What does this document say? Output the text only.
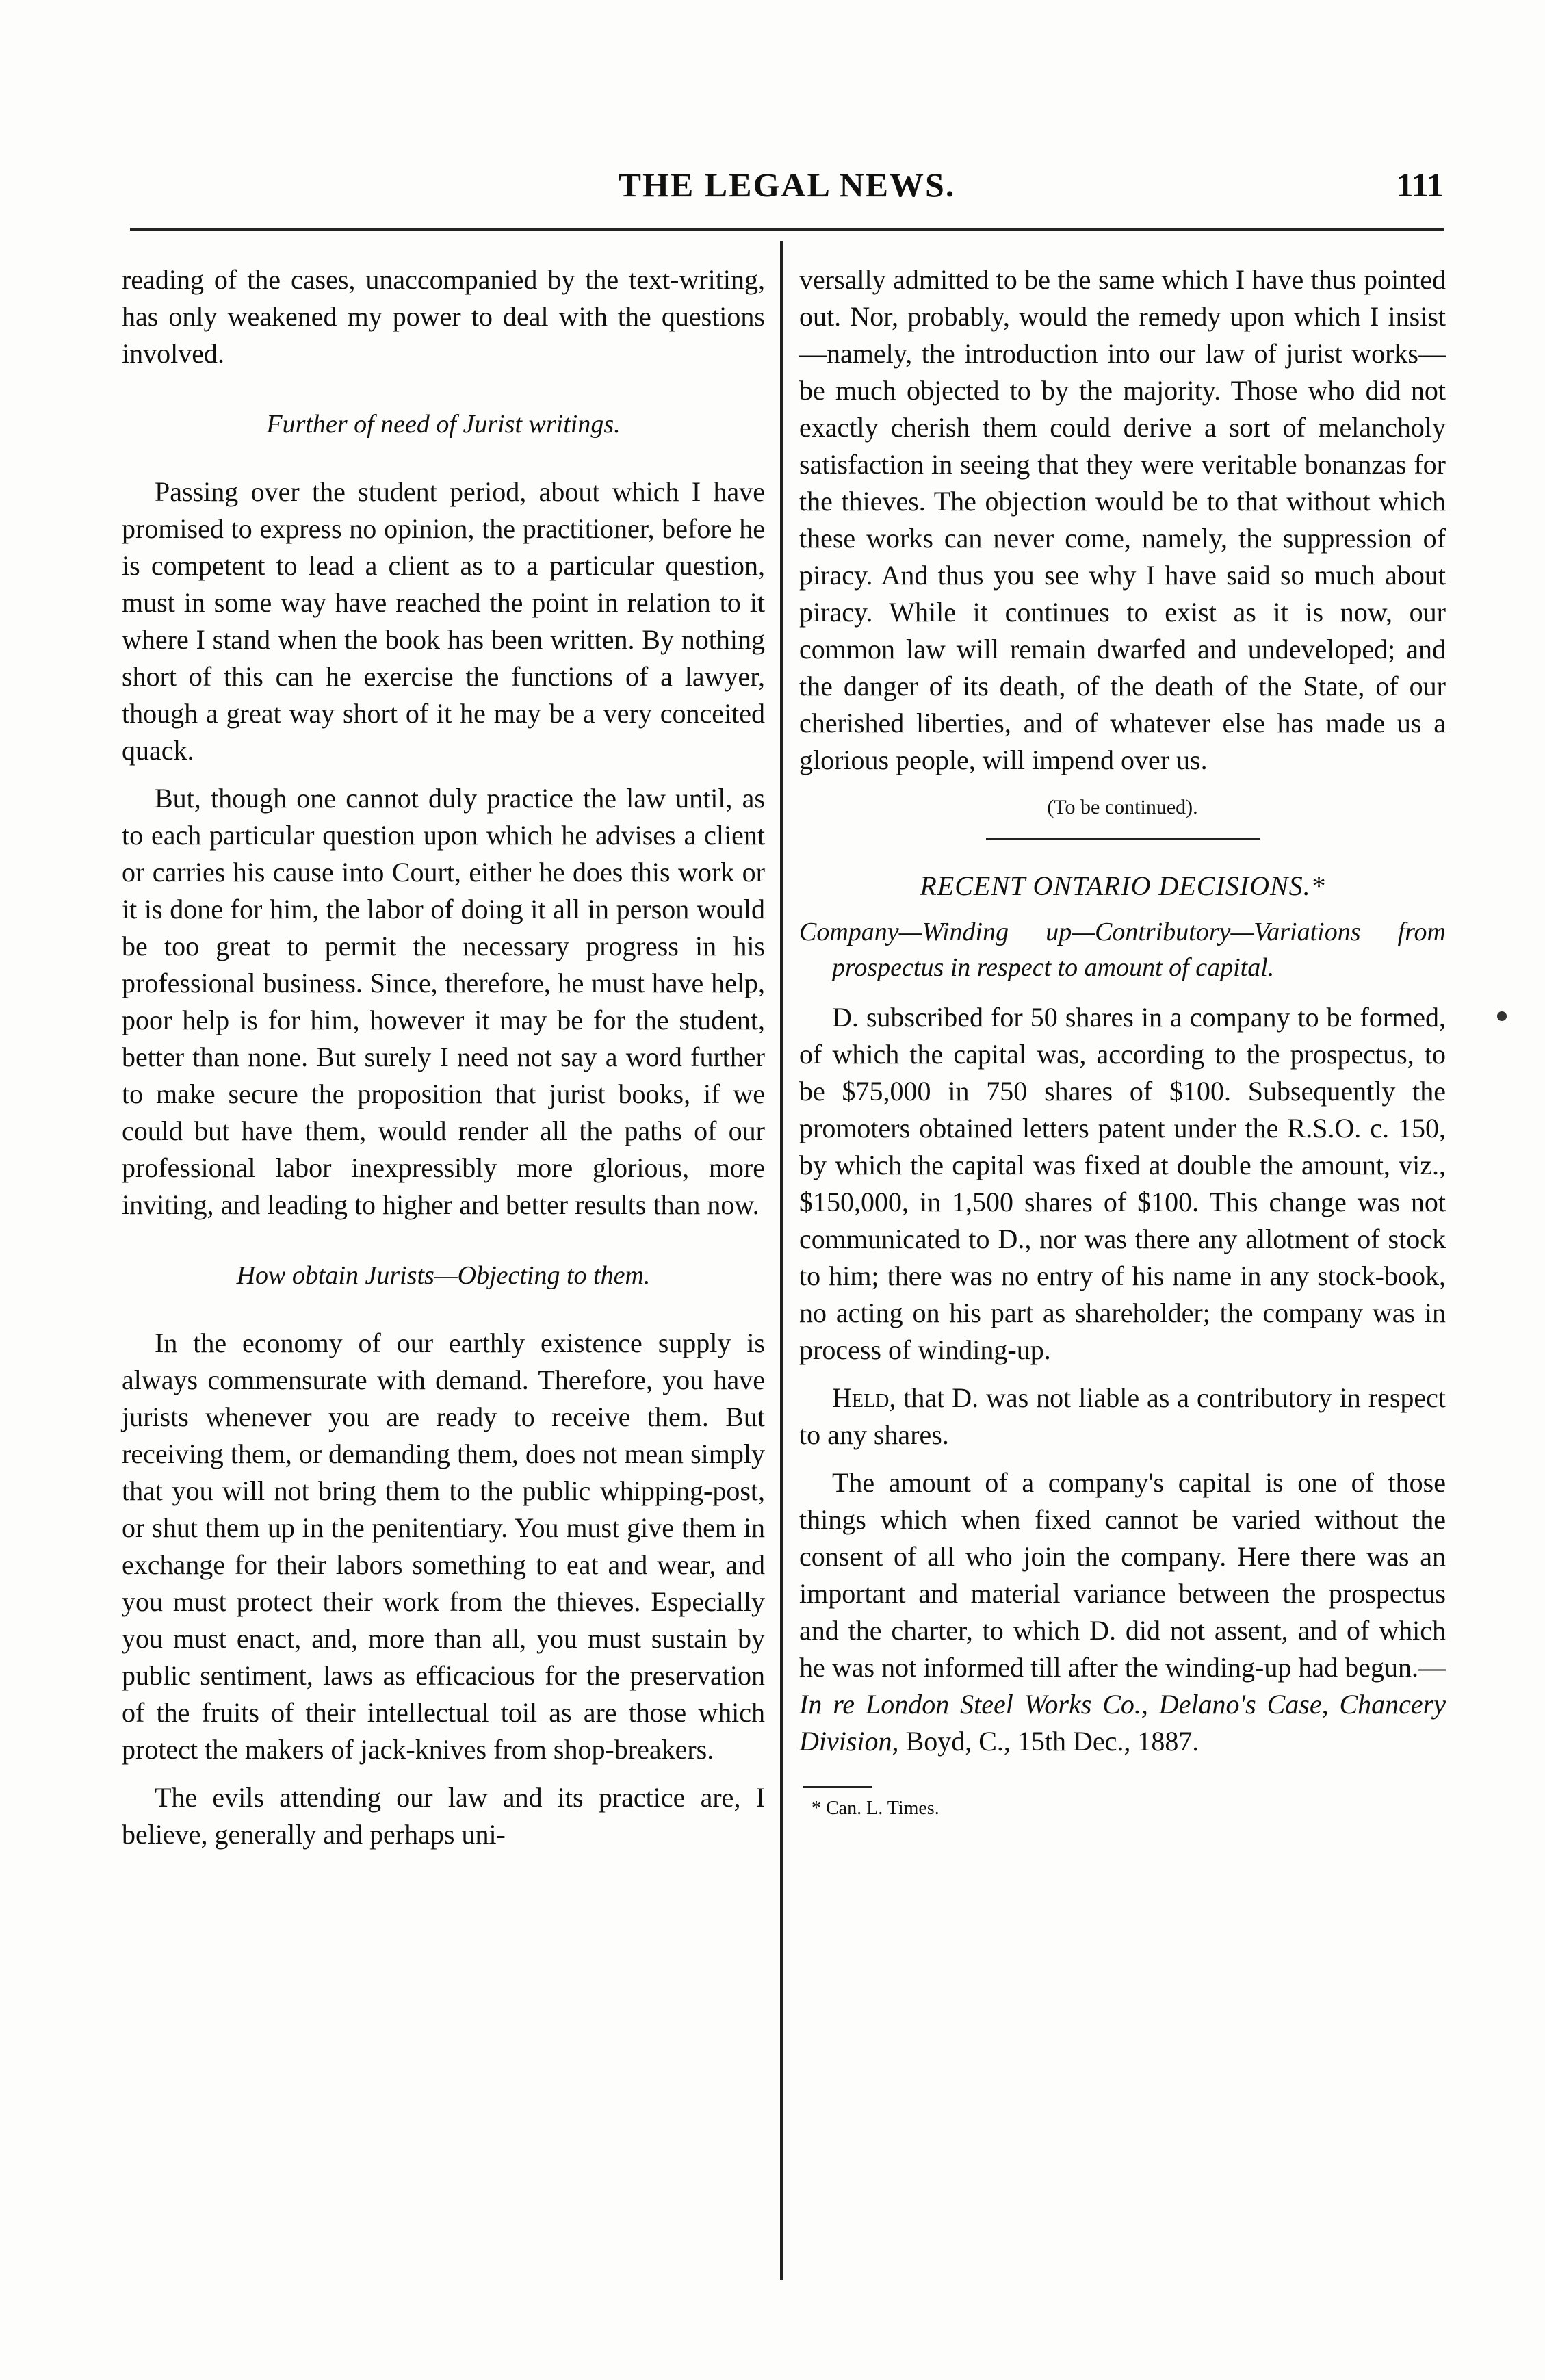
THE LEGAL NEWS.	111

reading of the cases, unaccompanied by the text-writing, has only weakened my power to deal with the questions involved.

Further of need of Jurist writings.

Passing over the student period, about which I have promised to express no opinion, the practitioner, before he is competent to lead a client as to a particular question, must in some way have reached the point in relation to it where I stand when the book has been written. By nothing short of this can he exercise the functions of a lawyer, though a great way short of it he may be a very conceited quack.

But, though one cannot duly practice the law until, as to each particular question upon which he advises a client or carries his cause into Court, either he does this work or it is done for him, the labor of doing it all in person would be too great to permit the necessary progress in his professional business. Since, therefore, he must have help, poor help is for him, however it may be for the student, better than none. But surely I need not say a word further to make secure the proposition that jurist books, if we could but have them, would render all the paths of our professional labor inexpressibly more glorious, more inviting, and leading to higher and better results than now.

How obtain Jurists—Objecting to them.

In the economy of our earthly existence supply is always commensurate with demand. Therefore, you have jurists whenever you are ready to receive them. But receiving them, or demanding them, does not mean simply that you will not bring them to the public whipping-post, or shut them up in the penitentiary. You must give them in exchange for their labors something to eat and wear, and you must protect their work from the thieves. Especially you must enact, and, more than all, you must sustain by public sentiment, laws as efficacious for the preservation of the fruits of their intellectual toil as are those which protect the makers of jack-knives from shop-breakers.

The evils attending our law and its practice are, I believe, generally and perhaps uni-

versally admitted to be the same which I have thus pointed out. Nor, probably, would the remedy upon which I insist—namely, the introduction into our law of jurist works—be much objected to by the majority. Those who did not exactly cherish them could derive a sort of melancholy satisfaction in seeing that they were veritable bonanzas for the thieves. The objection would be to that without which these works can never come, namely, the suppression of piracy. And thus you see why I have said so much about piracy. While it continues to exist as it is now, our common law will remain dwarfed and undeveloped; and the danger of its death, of the death of the State, of our cherished liberties, and of whatever else has made us a glorious people, will impend over us.

(To be continued).
RECENT ONTARIO DECISIONS.*
Company—Winding up—Contributory—Variations from prospectus in respect to amount of capital.

D. subscribed for 50 shares in a company to be formed, of which the capital was, according to the prospectus, to be $75,000 in 750 shares of $100. Subsequently the promoters obtained letters patent under the R.S.O. c. 150, by which the capital was fixed at double the amount, viz., $150,000, in 1,500 shares of $100. This change was not communicated to D., nor was there any allotment of stock to him; there was no entry of his name in any stock-book, no acting on his part as shareholder; the company was in process of winding-up.

Held, that D. was not liable as a contributory in respect to any shares.

The amount of a company's capital is one of those things which when fixed cannot be varied without the consent of all who join the company. Here there was an important and material variance between the prospectus and the charter, to which D. did not assent, and of which he was not informed till after the winding-up had begun.—In re London Steel Works Co., Delano's Case, Chancery Division, Boyd, C., 15th Dec., 1887.

* Can. L. Times.
